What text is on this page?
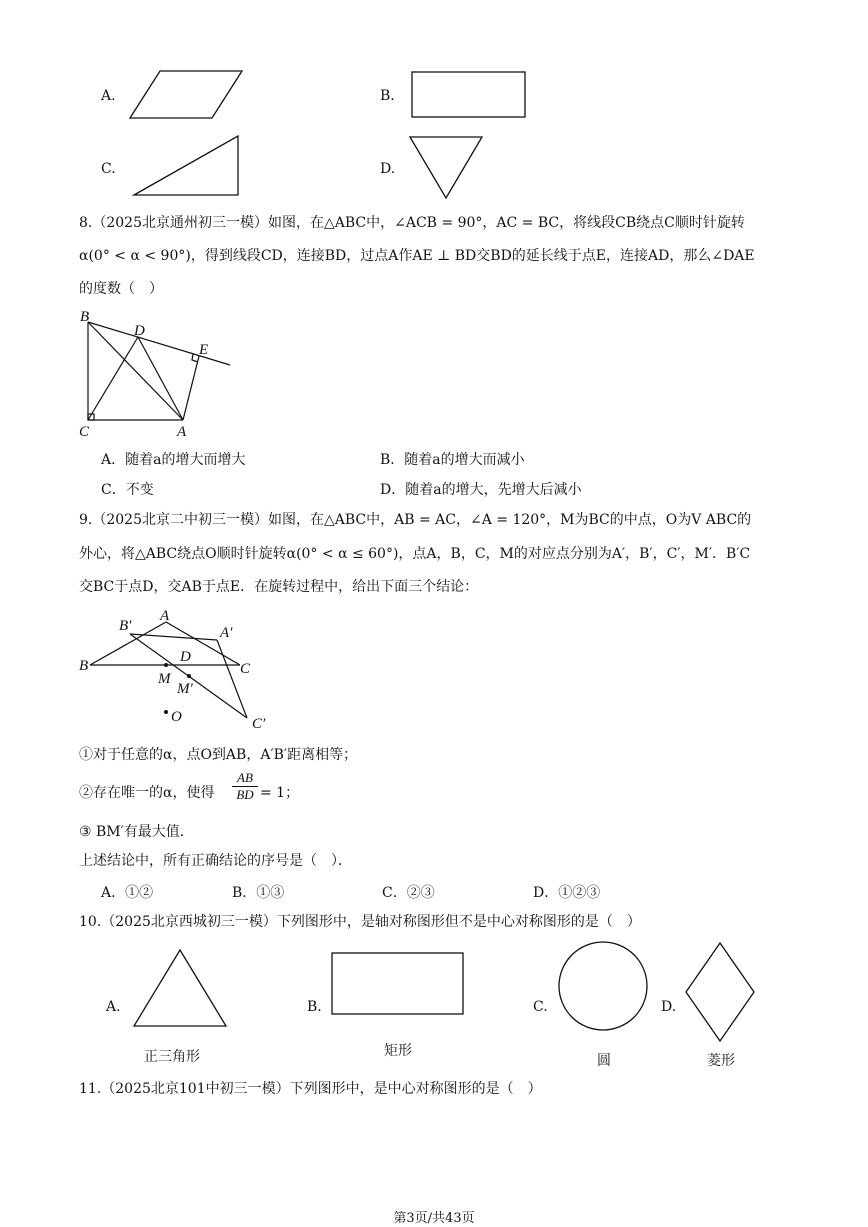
A.	B.
C.	D.
8.（2025北京通州初三一模）如图，在△ABC中，∠ACB = 90°，AC = BC，将线段CB绕点C顺时针旋转
α(0° < α < 90°)，得到线段CD，连接BD，过点A作AE ⊥ BD交BD的延长线于点E，连接AD，那么∠DAE
的度数（　）
B
D
E
C	A
A．随着a的增大而增大	B．随着a的增大而减小
C．不变	D．随着a的增大，先增大后减小
9.（2025北京二中初三一模）如图，在△ABC中，AB = AC，∠A = 120°，M为BC的中点，O为V ABC的
外心，将△ABC绕点O顺时针旋转α(0° < α ≤ 60°)，点A，B，C，M的对应点分别为A′，B′，C′，M′．B′C
交BC于点D，交AB于点E．在旋转过程中，给出下面三个结论：
A
B′	A′
B
D
C
M
M′
O	C′
①对于任意的α，点O到AB，A′B′距离相等；
②存在唯一的α，使得 $\frac{AB}{BD} = 1$；
③ BM′有最大值．
上述结论中，所有正确结论的序号是（　）．
A．①②	B．①③	C．②③	D．①②③
10.（2025北京西城初三一模）下列图形中，是轴对称图形但不是中心对称图形的是（　）
A.	B.	C.	D.
正三角形	矩形
圆	菱形
11.（2025北京101中初三一模）下列图形中，是中心对称图形的是（　）
第3页/共43页
